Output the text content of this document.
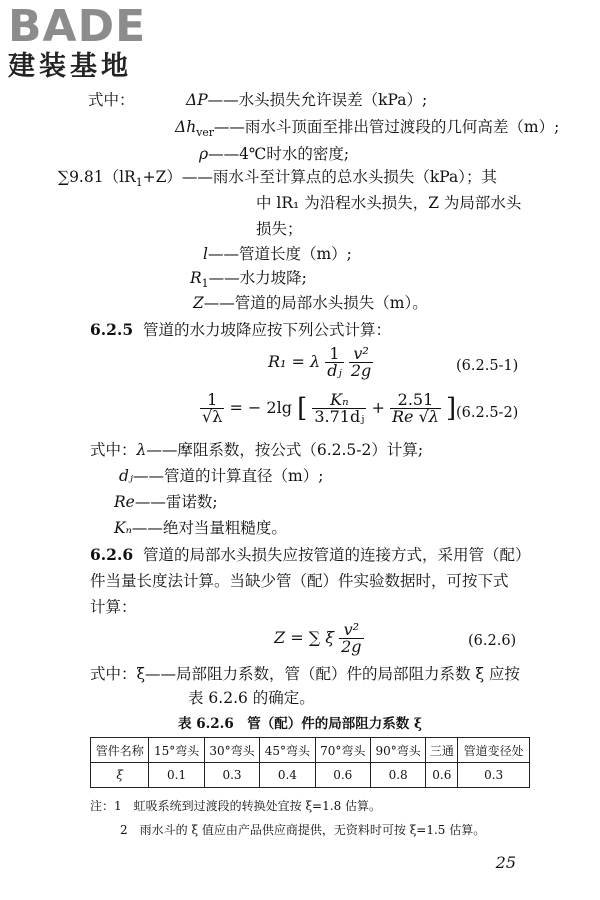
BADE
建装基地
式中：	ΔP——水头损失允许误差（kPa）;
$\Delta h_{ver}——$雨水斗顶面至排出管过渡段的几何高差（m）;
ρ——4℃时水的密度;
$\sum 9.81(lR_1+Z)——$雨水斗至计算点的总水头损失（kPa）；其
中 lR₁ 为沿程水头损失，Z 为局部水头
损失；
l——管道长度（m）;
$R_1——$水力坡降;
Z——管道的局部水头损失（m）。
6.2.5 管道的水力坡降应按下列公式计算：
R₁ = λ $\frac{1}{\text{dⱼ}}$
$\frac{\text{v²}}{2g}$	(6.2.5-1)
$\frac{1}{√\lambda}$ = − 2lg [ $\frac{\text{Kₙ}}{\text{3.71dⱼ}} + \frac{2.51}{Re √\lambda}$ ] (6.2.5-2)
式中：λ——摩阻系数，按公式（6.2.5-2）计算;
dⱼ——管道的计算直径（m）;
Re——雷诺数;
Kₙ——绝对当量粗糙度。
6.2.6 管道的局部水头损失应按管道的连接方式，采用管（配）
件当量长度法计算。当缺少管（配）件实验数据时，可按下式
计算：
Z = ∑ ξ $\frac{\text{v²}}{2g}$	(6.2.6)
式中：ξ——局部阻力系数，管（配）件的局部阻力系数 ξ 应按
表 6.2.6 的确定。
表 6.2.6　管（配）件的局部阻力系数 ξ
管件名称	15°弯头	30°弯头	45°弯头	70°弯头	90°弯头	三通	管道变径处
ξ	0.1	0.3	0.4	0.6	0.8	0.6	0.3
注：1　虹吸系统到过渡段的转换处宜按 ξ=1.8 估算。
2　雨水斗的 ξ 值应由产品供应商提供，无资料时可按 ξ=1.5 估算。
25
